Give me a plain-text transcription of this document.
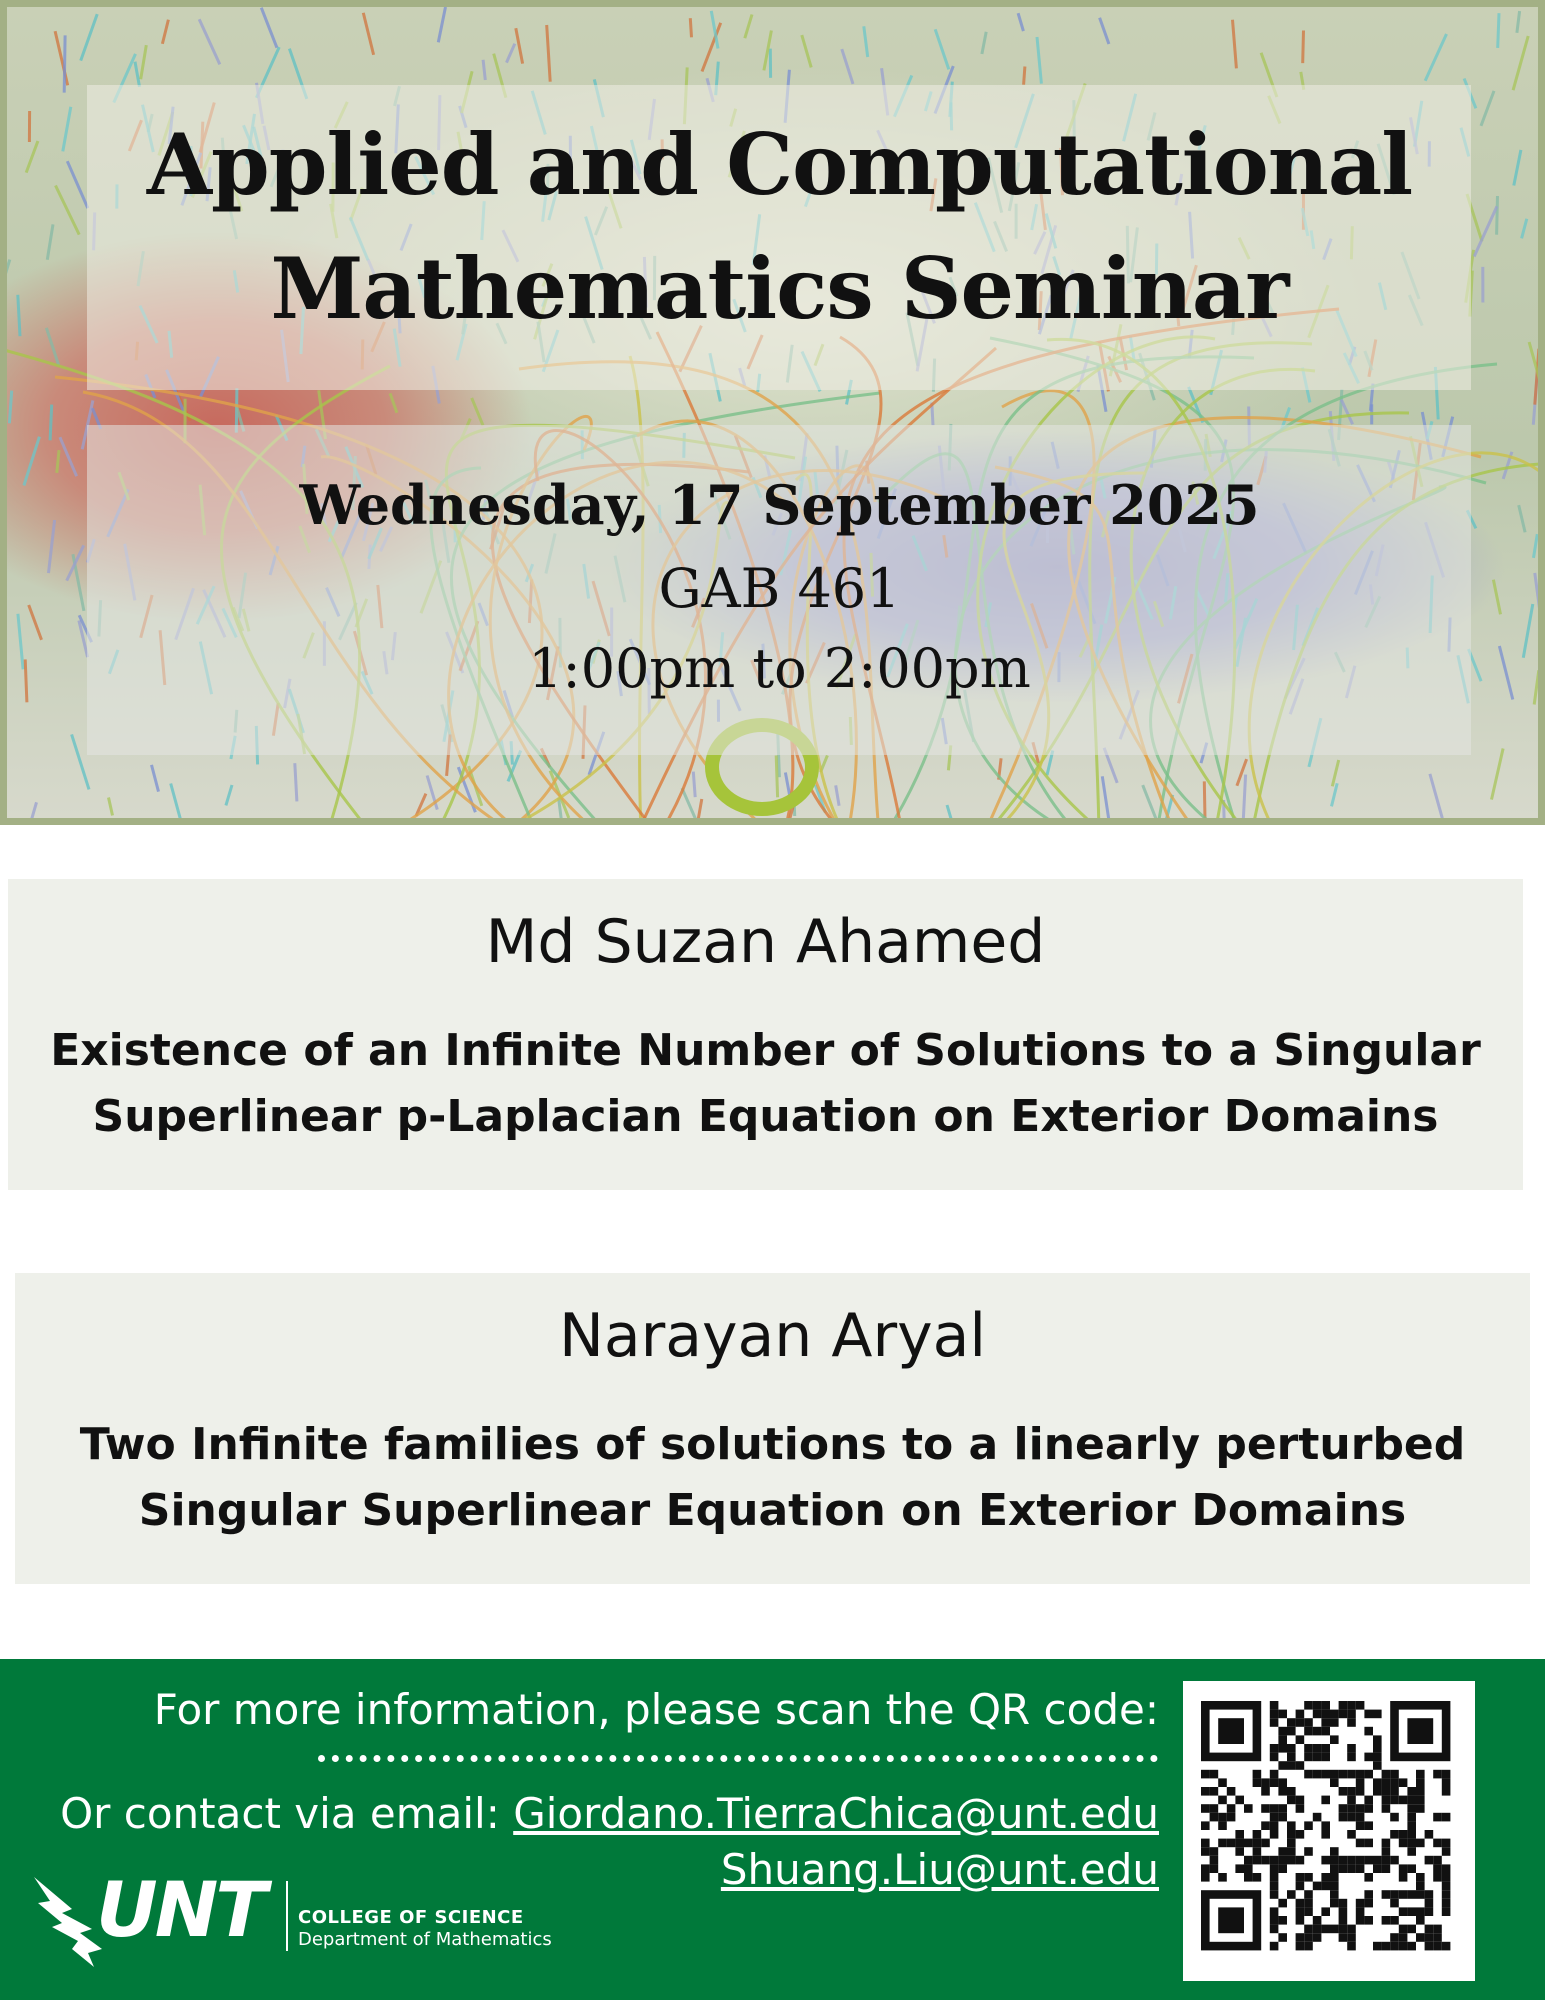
Applied and Computational
Mathematics Seminar
Wednesday, 17 September 2025
GAB 461
1:00pm to 2:00pm
Md Suzan Ahamed
Existence of an Infinite Number of Solutions to a Singular
Superlinear p-Laplacian Equation on Exterior Domains
Narayan Aryal
Two Infinite families of solutions to a linearly perturbed
Singular Superlinear Equation on Exterior Domains
For more information, please scan the QR code:
Or contact via email: Giordano.TierraChica@unt.edu
Shuang.Liu@unt.edu
UNT COLLEGE OF SCIENCE
Department of Mathematics
